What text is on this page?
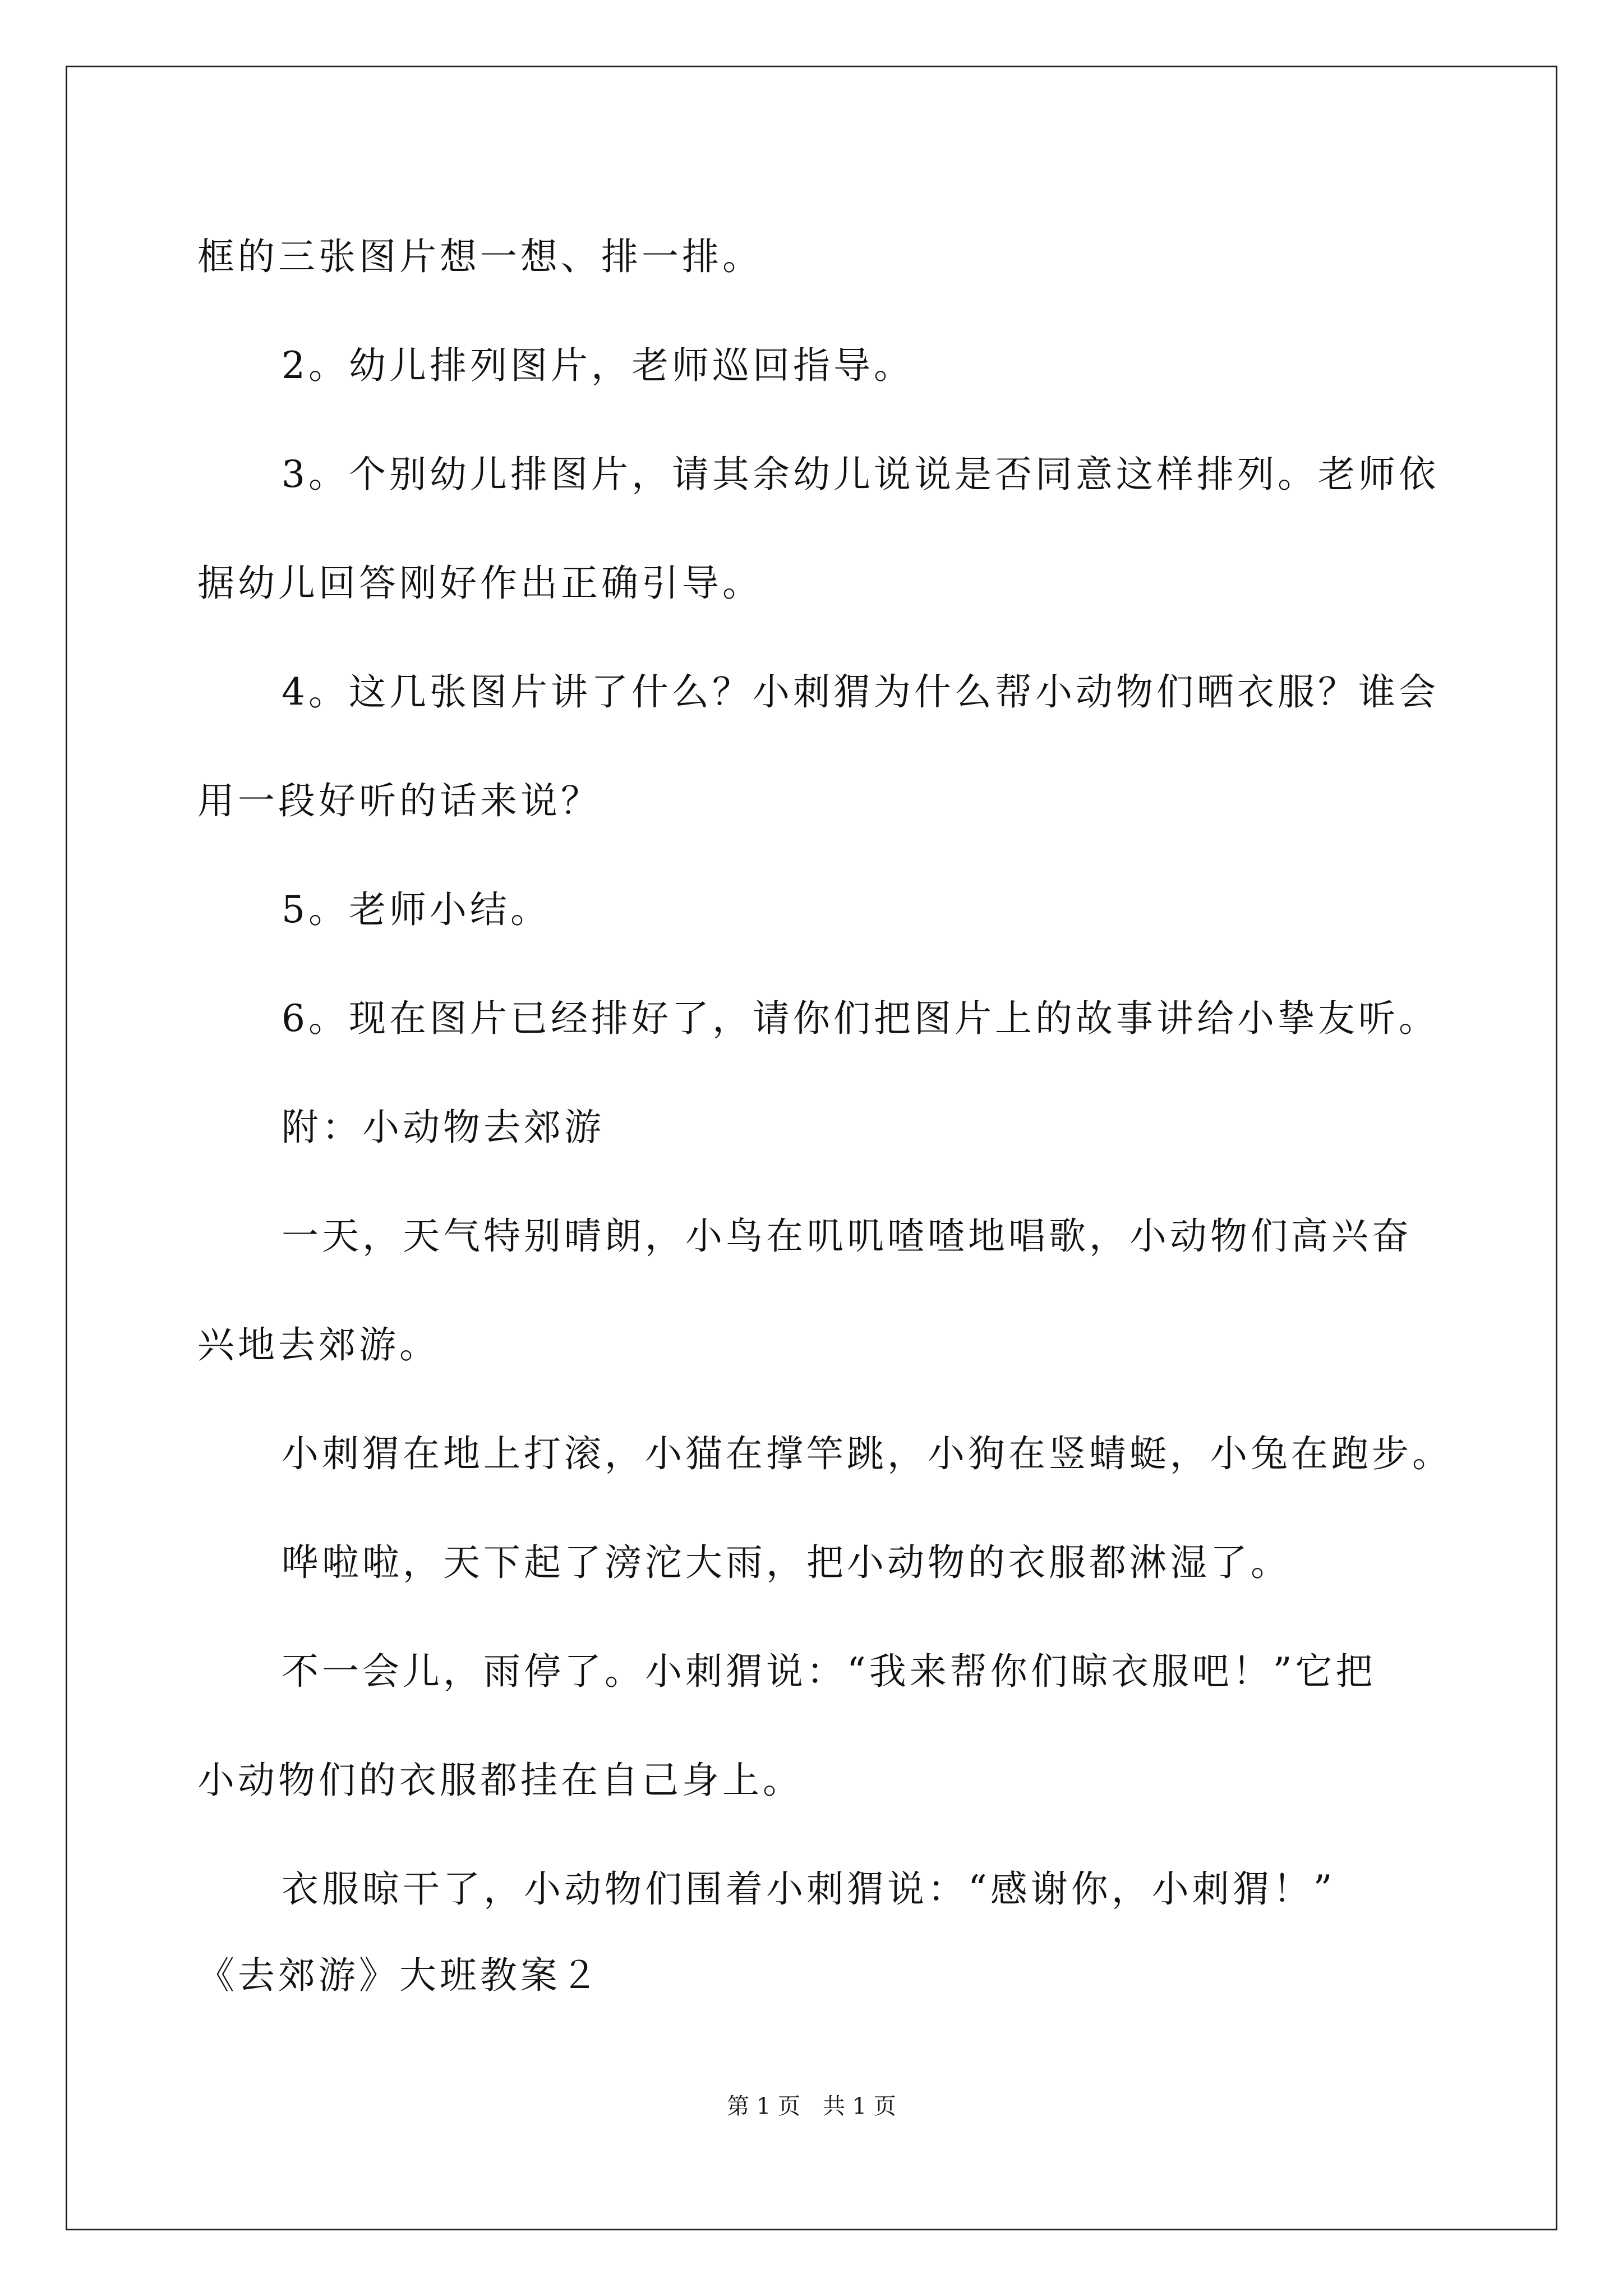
框的三张图片想一想、排一排。
2。幼儿排列图片，老师巡回指导。
3。个别幼儿排图片，请其余幼儿说说是否同意这样排列。老师依
据幼儿回答刚好作出正确引导。
4。这几张图片讲了什么？小刺猬为什么帮小动物们晒衣服？谁会
用一段好听的话来说？
5。老师小结。
6。现在图片已经排好了，请你们把图片上的故事讲给小挚友听。
附：小动物去郊游
一天，天气特别晴朗，小鸟在叽叽喳喳地唱歌，小动物们高兴奋
兴地去郊游。
小刺猬在地上打滚，小猫在撑竿跳，小狗在竖蜻蜓，小兔在跑步。
哗啦啦，天下起了滂沱大雨，把小动物的衣服都淋湿了。
不一会儿，雨停了。小刺猬说：“我来帮你们晾衣服吧！”它把
小动物们的衣服都挂在自己身上。
衣服晾干了，小动物们围着小刺猬说：“感谢你，小刺猬！”
《去郊游》大班教案２
第 1 页　共 1 页
